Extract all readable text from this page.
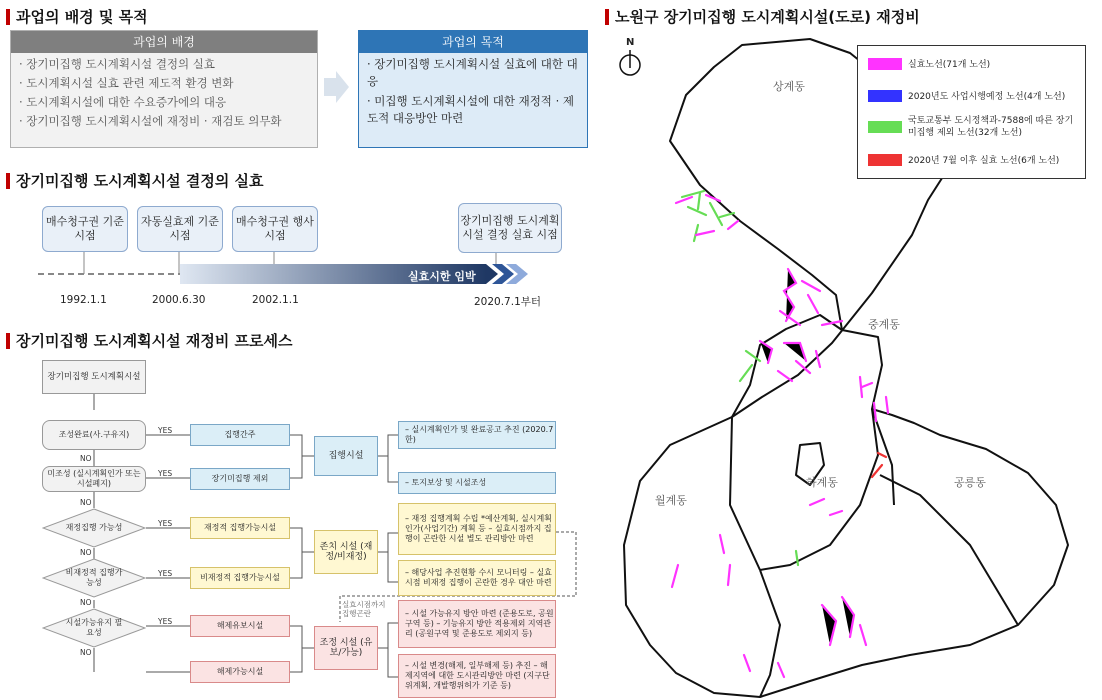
과업의 배경 및 목적
장기미집행 도시계획시설 결정의 실효
장기미집행 도시계획시설 재정비 프로세스
노원구 장기미집행 도시계획시설(도로) 재정비
과업의 배경
· 장기미집행 도시계획시설 결정의 실효
· 도시계획시설 실효 관련 제도적 환경 변화
· 도시계획시설에 대한 수요증가에의 대응
· 장기미집행 도시계획시설에 재정비 · 재검토 의무화
과업의 목적
· 장기미집행 도시계획시설 실효에 대한 대응
· 미집행 도시계획시설에 대한 재정적 · 제도적 대응방안 마련
매수청구권 기준 시점
자동실효제 기준 시점
매수청구권 행사 시점
장기미집행 도시계획시설 결정 실효 시점
실효시한 임박
1992.1.1	2000.6.30	2002.1.1	2020.7.1부터
장기미집행 도시계획시설
조성완료(사.구유지)
미조성 (실시계획인가 또는 시설폐지)
재정집행 가능성
비재정적 집행가능성
시설가능유지 필요성
YES
YES
YES
YES
YES
NO
NO
NO
NO
NO
집행간주
장기미집행 제외
재정적 집행가능시설
비재정적 집행가능시설
해제유보시설
해제가능시설
집행시설
존치 시설 (재정/비재정)
조정 시설 (유보/가능)
– 실시계획인가 및 완료공고 추진 (2020.7 한)
– 토지보상 및 시설조성
– 재정 집행계획 수립 *예산계획, 실시계획인가(사업기간) 계획 등 – 실효시점까지 집행이 곤란한 시설 별도 관리방안 마련
– 해당사업 추진현황 수시 모니터링 – 실효시점 비재정 집행이 곤란한 경우 대안 마련
– 시설 가능유지 방안 마련 (준용도로, 공원구역 등) – 기능유지 방안 적용제외 지역관리 (공원구역 및 준용도로 제외지 등)
– 시설 변경(해제, 일부해제 등) 추진 – 해제지역에 대한 도시관리방안 마련 (지구단위계획, 개발행위허가 기준 등)
실효시점까지 집행곤란
N
상계동
중계동
하계동	공릉동
월계동
실효노선(71개 노선)
2020년도 사업시행예정 노선(4개 노선)
국토교통부 도시정책과-7588에 따른 장기미집행 제외 노선(32개 노선)
2020년 7월 이후 실효 노선(6개 노선)
